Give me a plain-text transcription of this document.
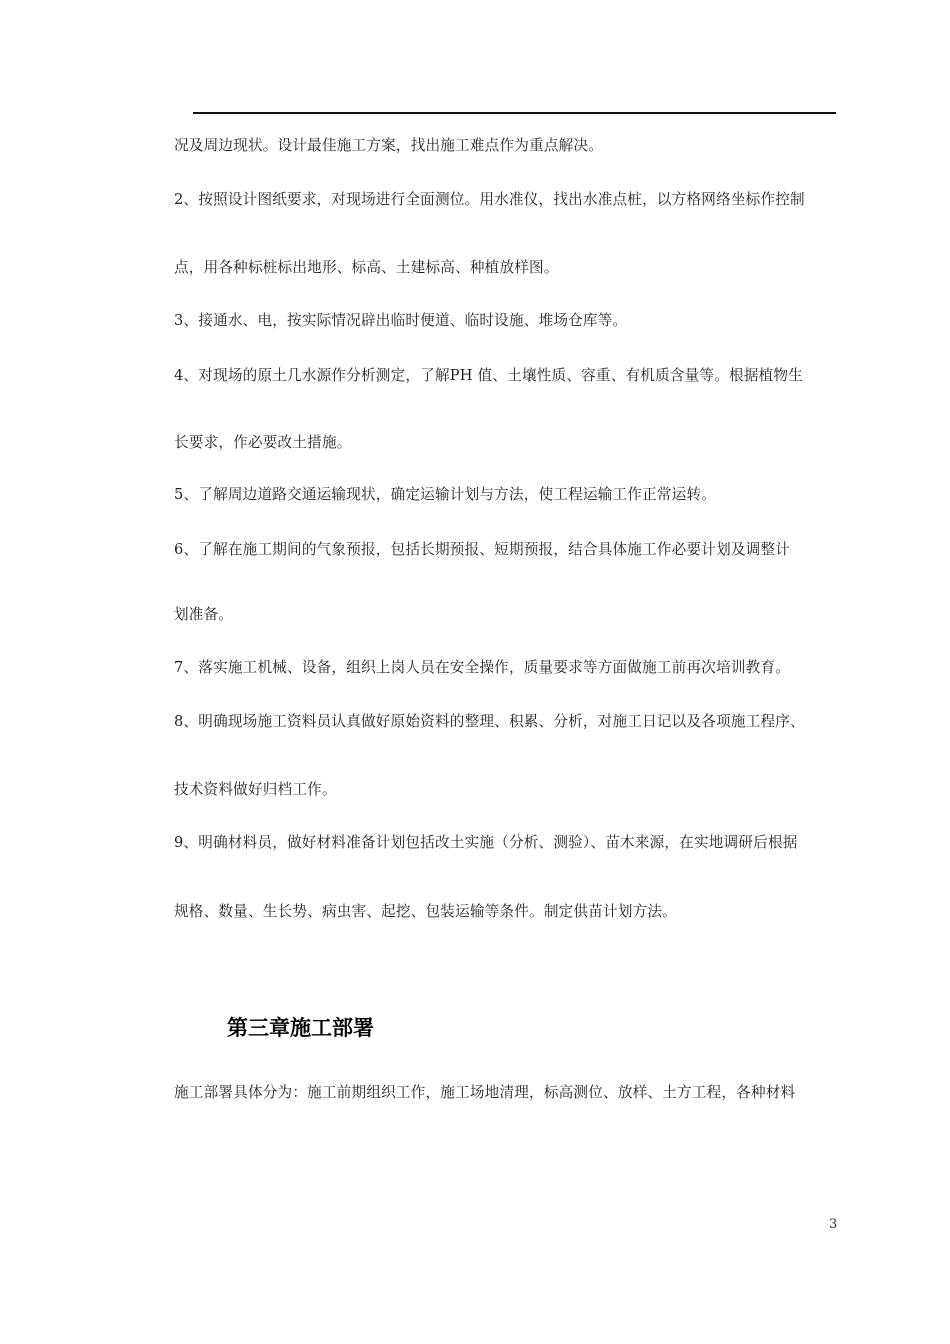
况及周边现状。设计最佳施工方案，找出施工难点作为重点解决。
2、按照设计图纸要求，对现场进行全面测位。用水准仪，找出水准点桩，以方格网络坐标作控制
点，用各种标桩标出地形、标高、土建标高、种植放样图。
3、接通水、电，按实际情况辟出临时便道、临时设施、堆场仓库等。
4、对现场的原土几水源作分析测定，了解PH 值、土壤性质、容重、有机质含量等。根据植物生
长要求，作必要改土措施。
5、了解周边道路交通运输现状，确定运输计划与方法，使工程运输工作正常运转。
6、了解在施工期间的气象预报，包括长期预报、短期预报，结合具体施工作必要计划及调整计
划准备。
7、落实施工机械、设备，组织上岗人员在安全操作，质量要求等方面做施工前再次培训教育。
8、明确现场施工资料员认真做好原始资料的整理、积累、分析，对施工日记以及各项施工程序、
技术资料做好归档工作。
9、明确材料员，做好材料准备计划包括改土实施（分析、测验）、苗木来源，在实地调研后根据
规格、数量、生长势、病虫害、起挖、包装运输等条件。制定供苗计划方法。
第三章施工部署
施工部署具体分为：施工前期组织工作，施工场地清理，标高测位、放样、土方工程，各种材料
3
